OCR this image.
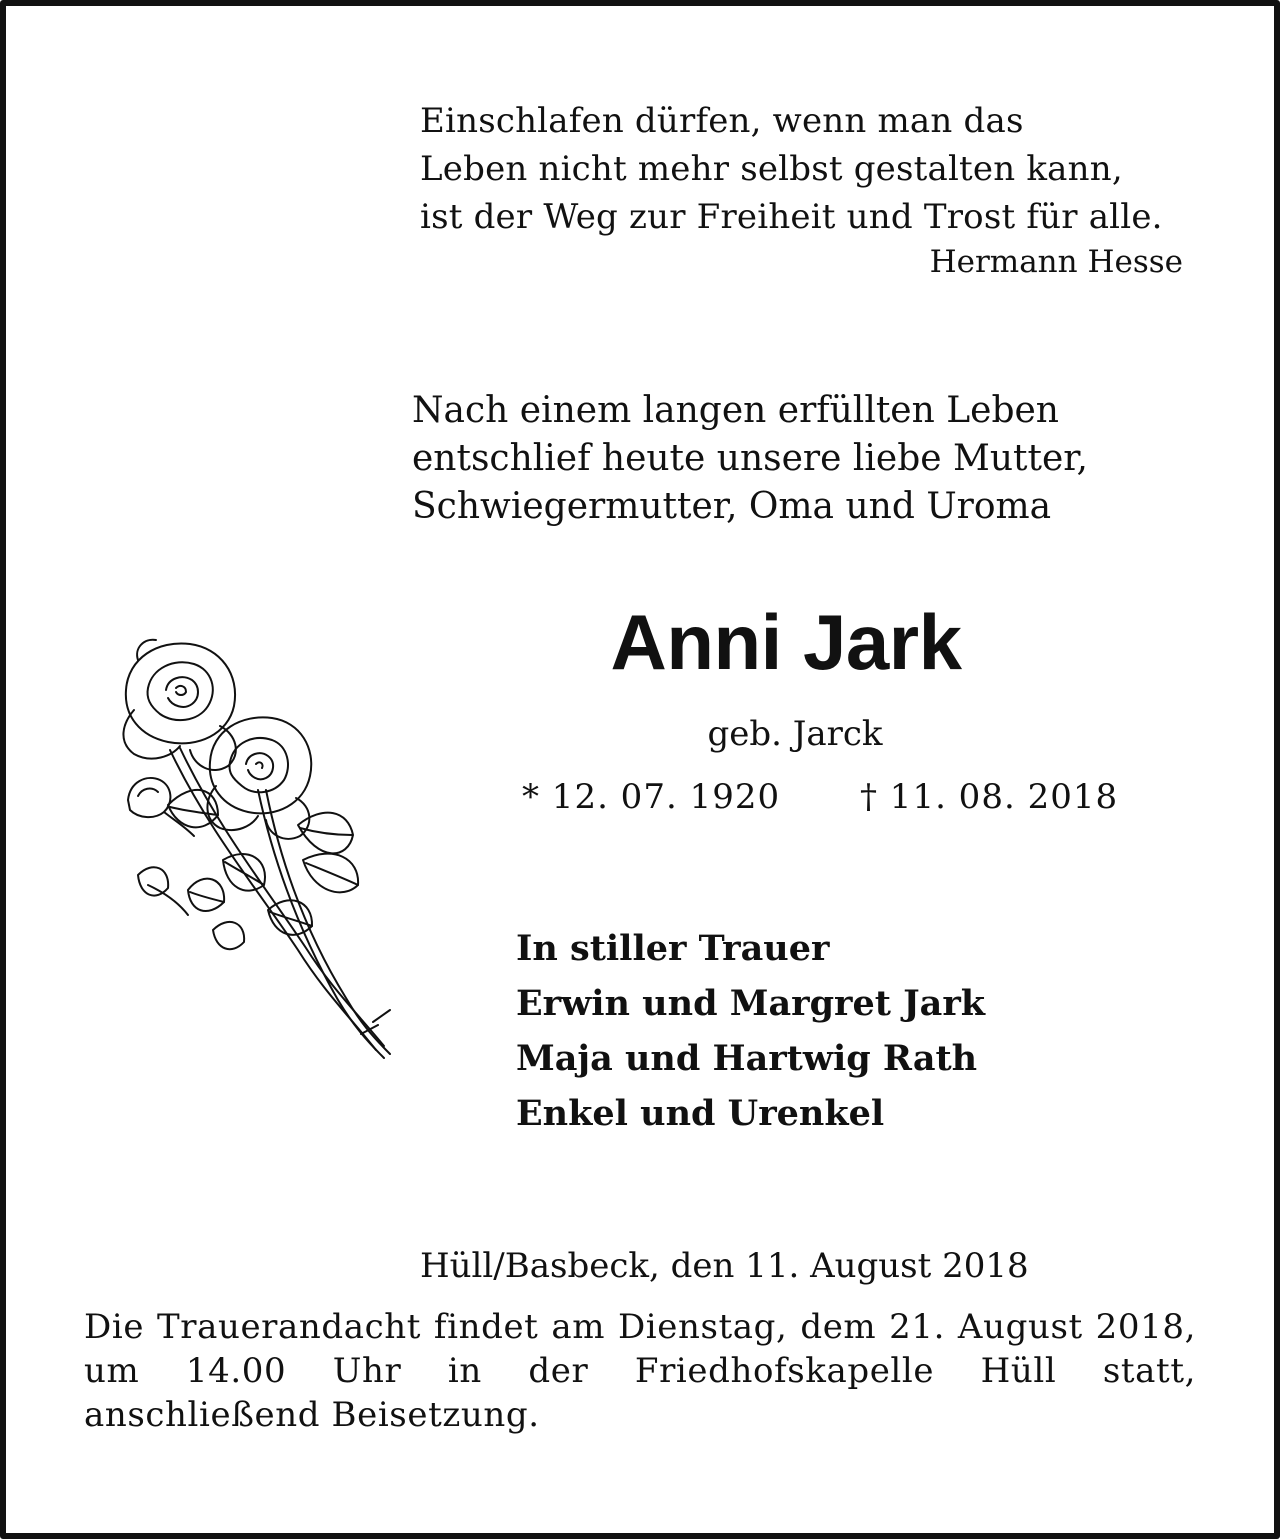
Einschlafen dürfen, wenn man das
Leben nicht mehr selbst gestalten kann,
ist der Weg zur Freiheit und Trost für alle.
Hermann Hesse
Nach einem langen erfüllten Leben
entschlief heute unsere liebe Mutter,
Schwiegermutter, Oma und Uroma
Anni Jark
geb. Jarck
* 12. 07. 1920 † 11. 08. 2018
In stiller Trauer
Erwin und Margret Jark
Maja und Hartwig Rath
Enkel und Urenkel
Hüll/Basbeck, den 11. August 2018
Die Trauerandacht findet am Dienstag, dem 21. August 2018, um 14.00 Uhr in der Friedhofskapelle Hüll statt, anschließend Beisetzung.
